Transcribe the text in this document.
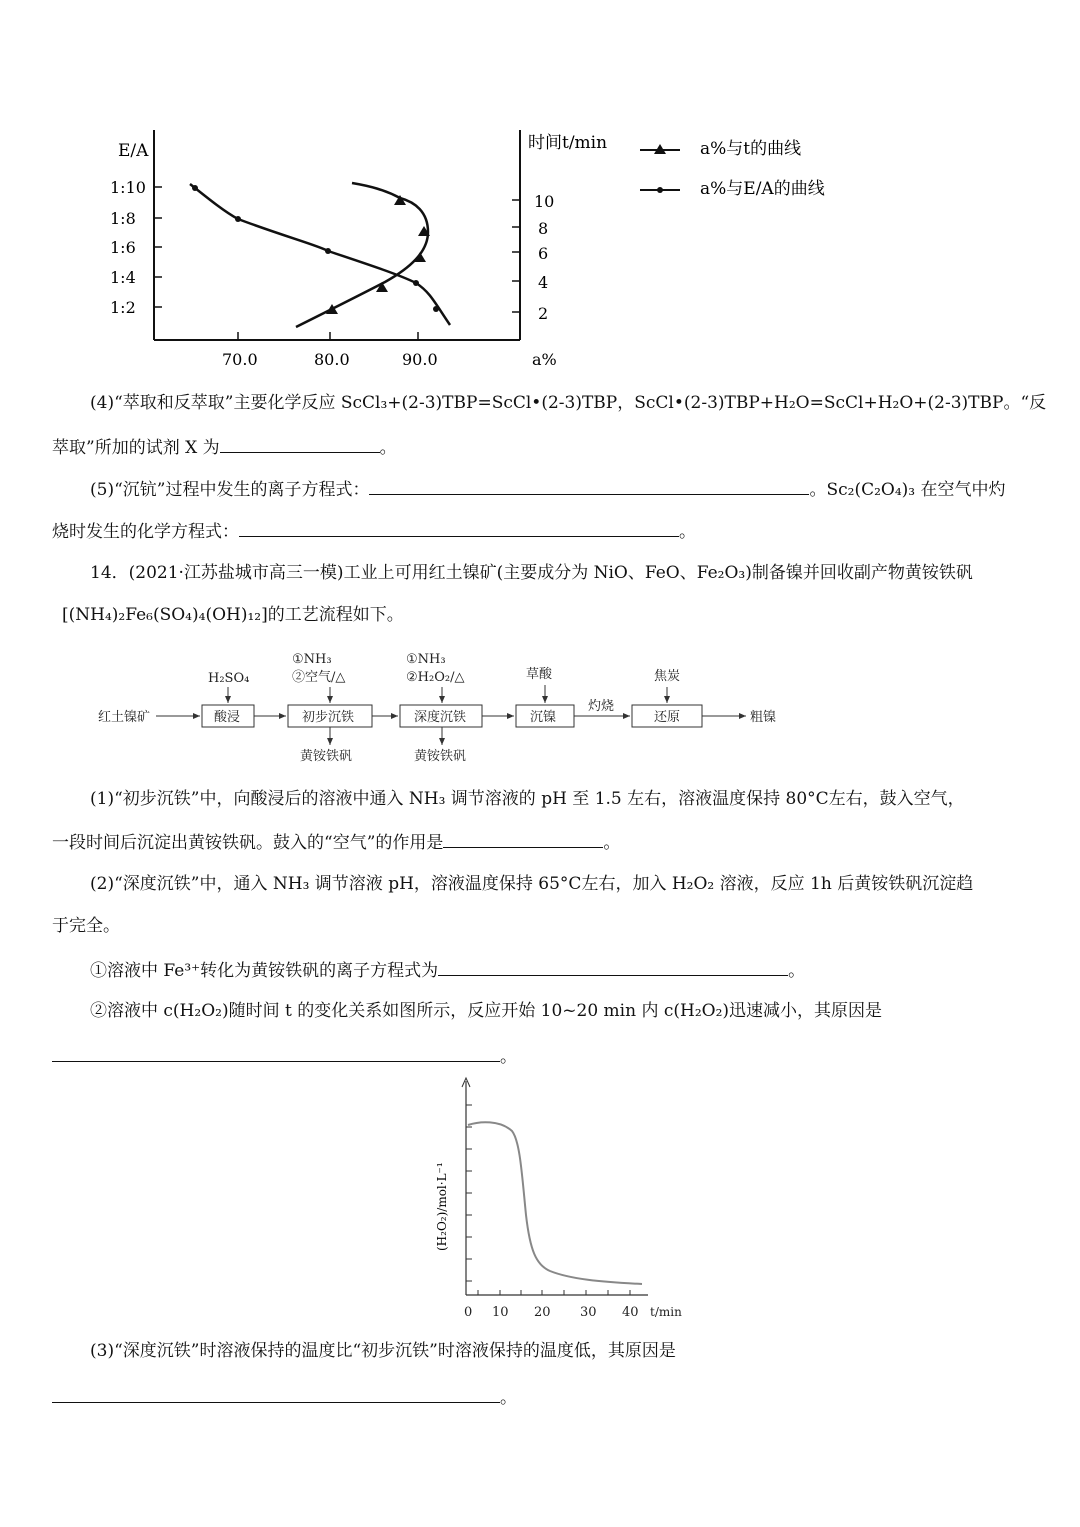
E/A
1:10
1:8
1:6
1:4
1:2
时间t/min
10
8
6
4
2
70.0	80.0	90.0	a%
a%与t的曲线
a%与E/A的曲线
(4)“萃取和反萃取”主要化学反应 ScCl₃+(2-3)TBP=ScCl•(2-3)TBP，ScCl•(2-3)TBP+H₂O=ScCl+H₂O+(2-3)TBP。“反
萃取”所加的试剂 X 为	。
(5)“沉钪”过程中发生的离子方程式：	。Sc₂(C₂O₄)₃ 在空气中灼
烧时发生的化学方程式：	。
14．(2021·江苏盐城市高三一模)工业上可用红土镍矿(主要成分为 NiO、FeO、Fe₂O₃)制备镍并回收副产物黄铵铁矾
[(NH₄)₂Fe₆(SO₄)₄(OH)₁₂]的工艺流程如下。
红土镍矿	酸浸
H₂SO₄
初步沉铁
①NH₃
②空气/△
黄铵铁矾
深度沉铁
①NH₃
②H₂O₂/△
黄铵铁矾
沉镍
草酸
灼烧
还原
焦炭
粗镍
(1)“初步沉铁”中，向酸浸后的溶液中通入 NH₃ 调节溶液的 pH 至 1.5 左右，溶液温度保持 80°C左右，鼓入空气，
一段时间后沉淀出黄铵铁矾。鼓入的“空气”的作用是	。
(2)“深度沉铁”中，通入 NH₃ 调节溶液 pH，溶液温度保持 65°C左右，加入 H₂O₂ 溶液，反应 1h 后黄铵铁矾沉淀趋
于完全。
①溶液中 Fe³⁺转化为黄铵铁矾的离子方程式为	。
②溶液中 c(H₂O₂)随时间 t 的变化关系如图所示，反应开始 10~20 min 内 c(H₂O₂)迅速减小，其原因是
。
(H₂O₂)/mol·L⁻¹
0 10 20 30 40 t/min
(3)“深度沉铁”时溶液保持的温度比“初步沉铁”时溶液保持的温度低，其原因是
。
